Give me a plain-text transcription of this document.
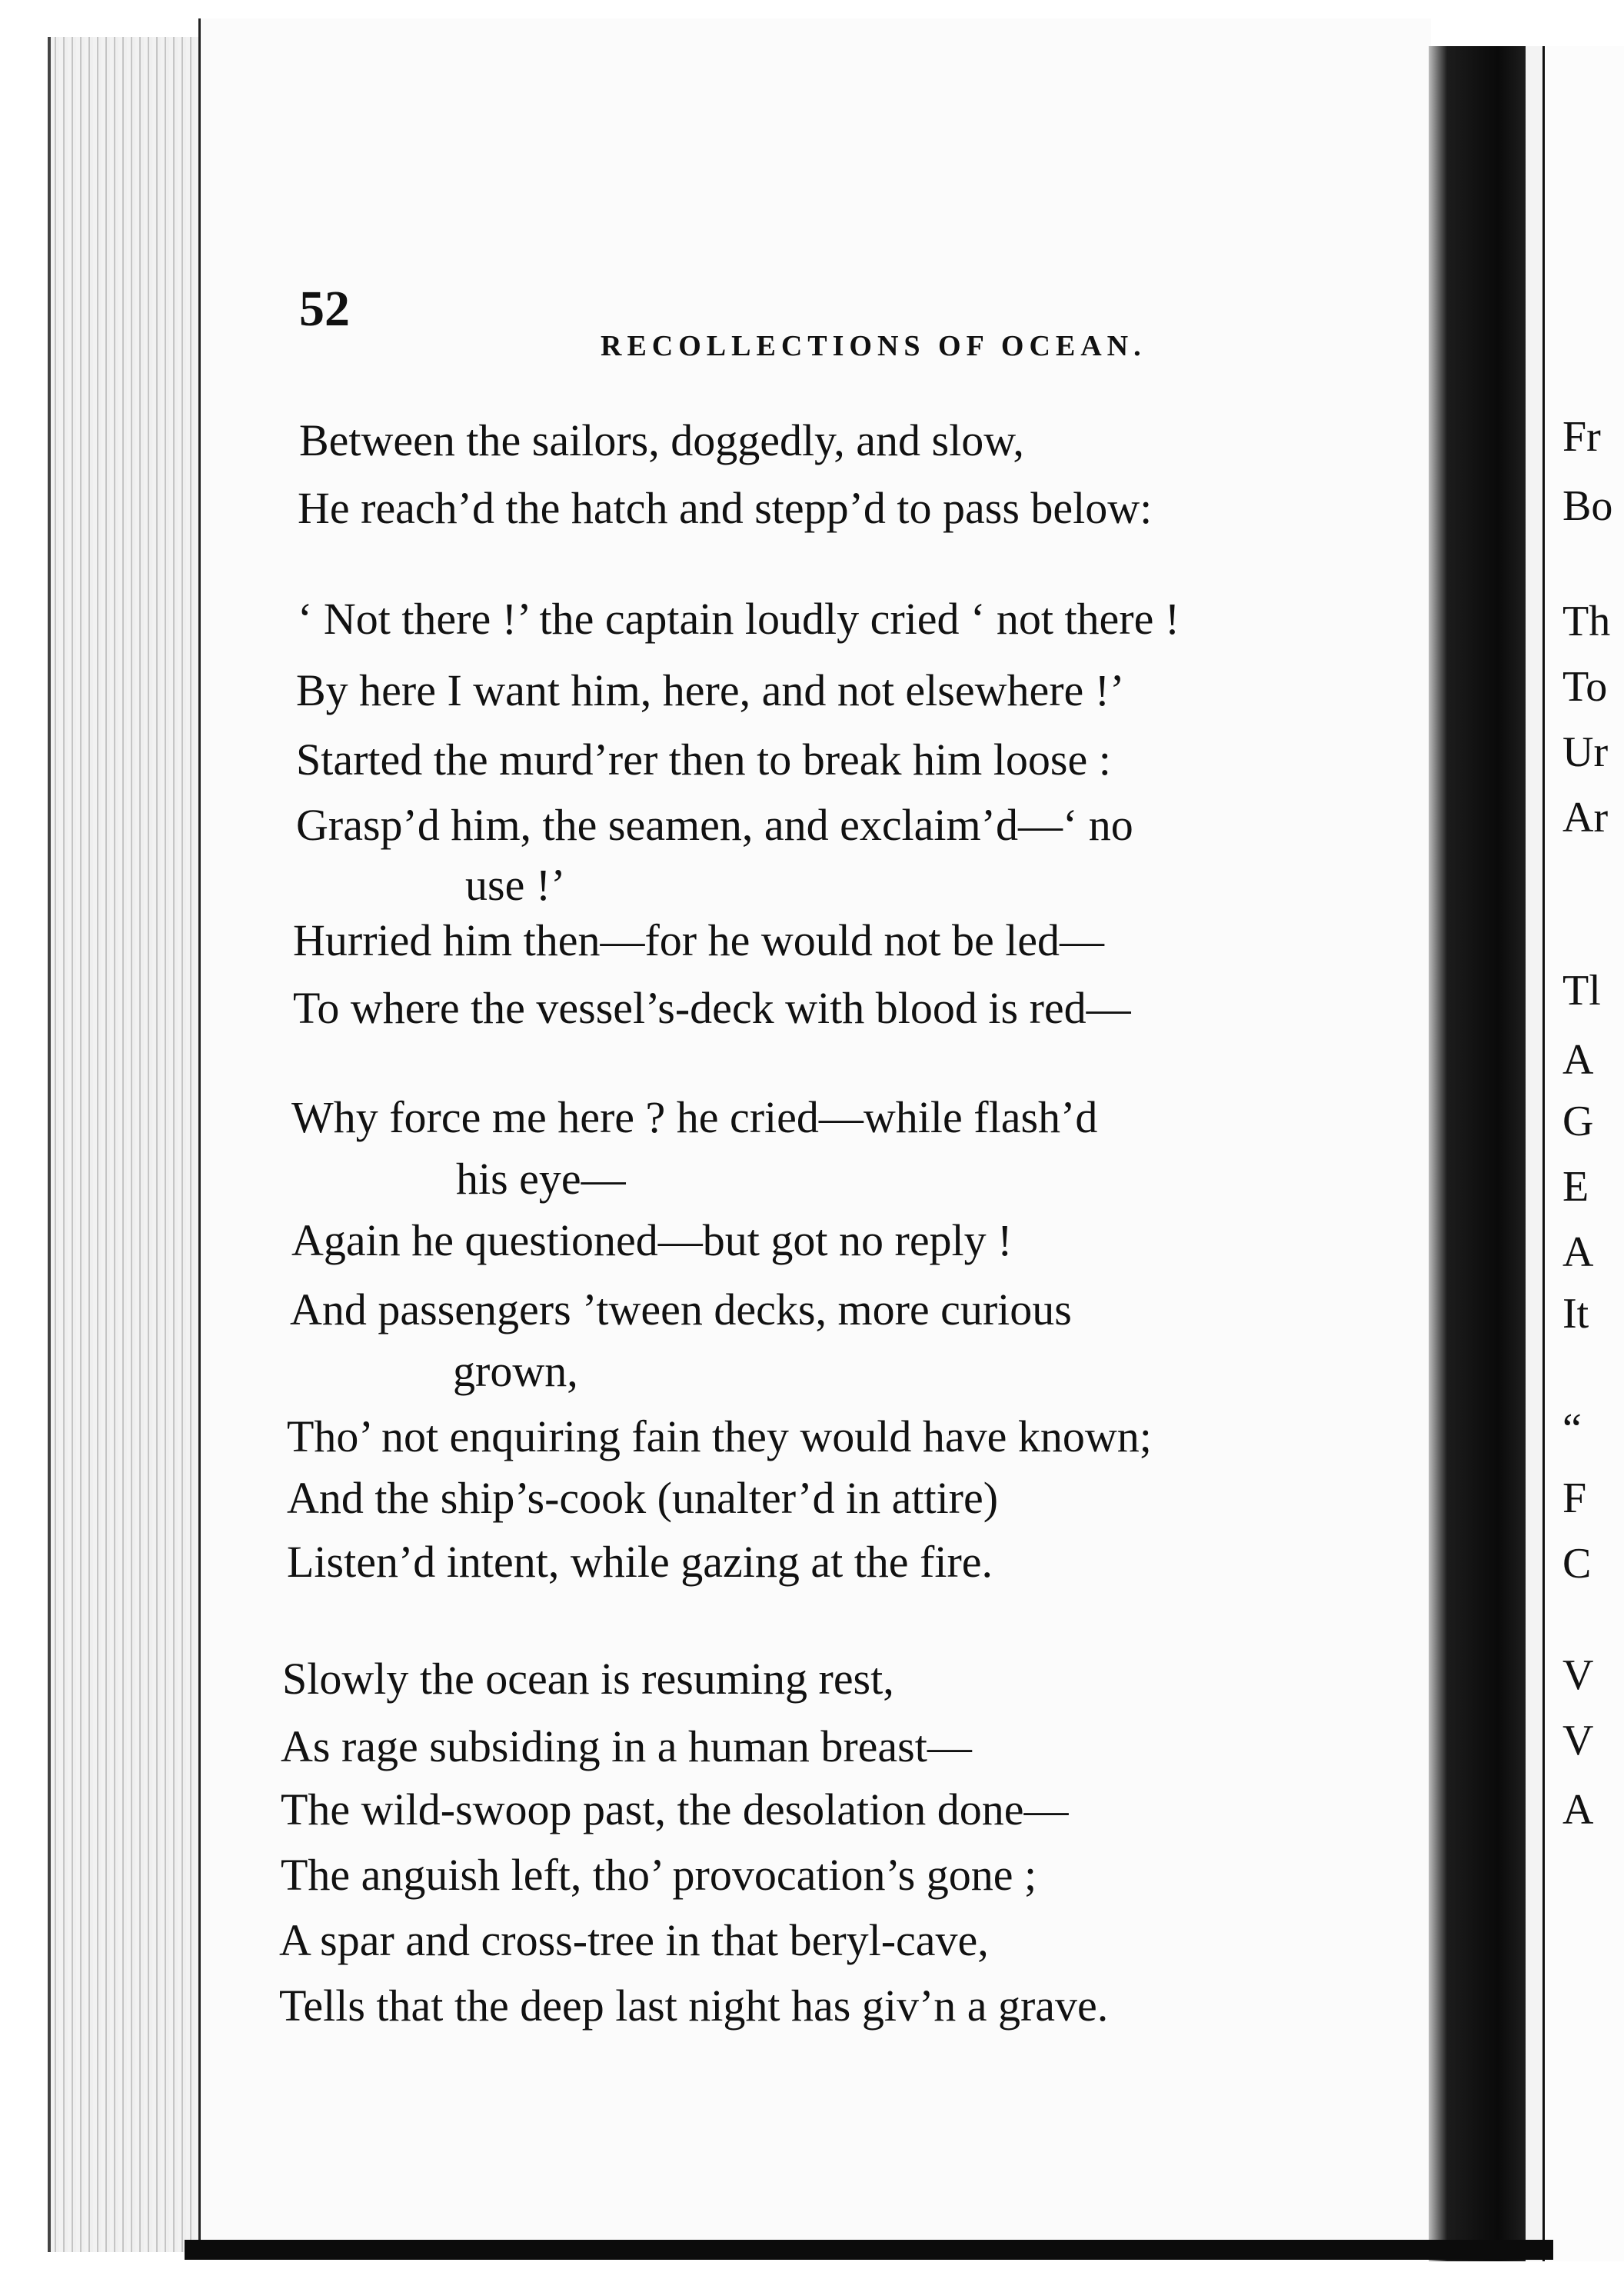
52
RECOLLECTIONS OF OCEAN.
Between the sailors, doggedly, and slow,
He reach’d the hatch and stepp’d to pass below:
‘ Not there !’ the captain loudly cried ‘ not there !
By here I want him, here, and not elsewhere !’
Started the murd’rer then to break him loose :
Grasp’d him, the seamen, and exclaim’d—‘ no
use !’
Hurried him then—for he would not be led—
To where the vessel’s-deck with blood is red—
Why force me here ? he cried—while flash’d
his eye—
Again he questioned—but got no reply !
And passengers ’tween decks, more curious
grown,
Tho’ not enquiring fain they would have known;
And the ship’s-cook (unalter’d in attire)
Listen’d intent, while gazing at the fire.
Slowly the ocean is resuming rest,
As rage subsiding in a human breast—
The wild-swoop past, the desolation done—
The anguish left, tho’ provocation’s gone ;
A spar and cross-tree in that beryl-cave,
Tells that the deep last night has giv’n a grave.
Fr
Bo
Th
To
Ur
Ar
Tl
A
G
E
A
It
“
F
C
V
V
A
